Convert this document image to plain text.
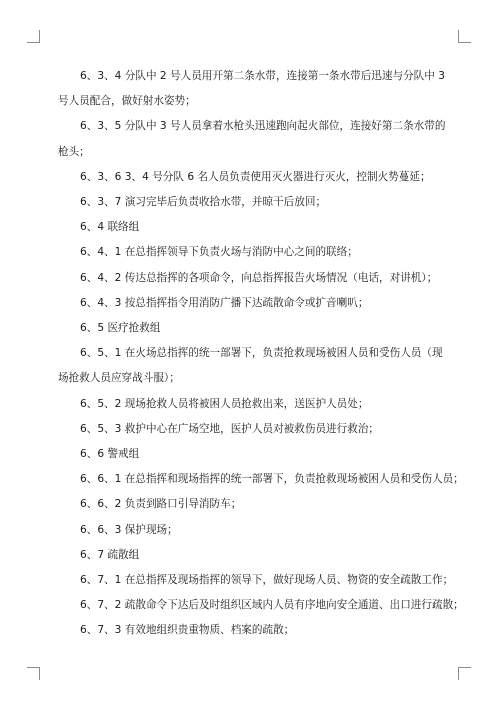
6、3、4 分队中 2 号人员用开第二条水带，连接第一条水带后迅速与分队中 3 号人员配合，做好射水姿势；

6、3、5 分队中 3 号人员拿着水枪头迅速跑向起火部位，连接好第二条水带的枪头；

6、3、6 3、4 号分队 6 名人员负责使用灭火器进行灭火，控制火势蔓延；

6、3、7 演习完毕后负责收拾水带，并晾干后放回；

6、4 联络组

6、4、1 在总指挥领导下负责火场与消防中心之间的联络；

6、4、2 传达总指挥的各项命令，向总指挥报告火场情况（电话，对讲机）；

6、4、3 按总指挥指令用消防广播下达疏散命令或扩音喇叭；

6、5 医疗抢救组

6、5、1 在火场总指挥的统一部署下，负责抢救现场被困人员和受伤人员（现场抢救人员应穿战斗服）；

6、5、2 现场抢救人员将被困人员抢救出来，送医护人员处；

6、5、3 救护中心在广场空地，医护人员对被救伤员进行救治；

6、6 警戒组

6、6、1 在总指挥和现场指挥的统一部署下，负责抢救现场被困人员和受伤人员；

6、6、2 负责到路口引导消防车；

6、6、3 保护现场；

6、7 疏散组

6、7、1 在总指挥及现场指挥的领导下，做好现场人员、物资的安全疏散工作；

6、7、2 疏散命令下达后及时组织区域内人员有序地向安全通道、出口进行疏散；

6、7、3 有效地组织贵重物质、档案的疏散；
